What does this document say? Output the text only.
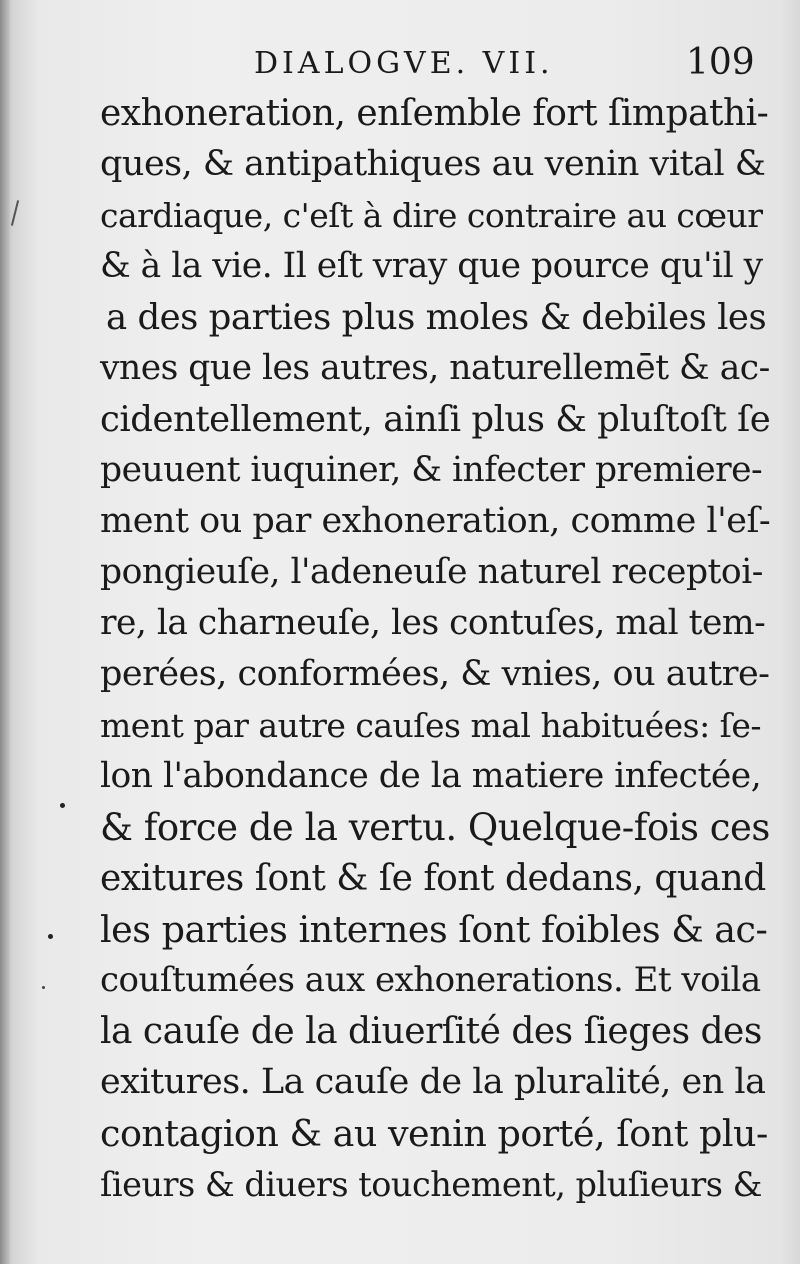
DIALOGVE. VII.	109
exhoneration, enſemble fort ſimpathi-
ques, & antipathiques au venin vital &
cardiaque, c'eſt à dire contraire au cœur
& à la vie. Il eſt vray que pource qu'il y
a des parties plus moles & debiles les
vnes que les autres, naturellemēt & ac-
cidentellement, ainſi plus & pluſtoſt ſe
peuuent iuquiner, & infecter premiere-
ment ou par exhoneration, comme l'eſ-
pongieuſe, l'adeneuſe naturel receptoi-
re, la charneuſe, les contuſes, mal tem-
perées, conformées, & vnies, ou autre-
ment par autre cauſes mal habituées: ſe-
lon l'abondance de la matiere infectée,
& force de la vertu. Quelque-fois ces
exitures ſont & ſe font dedans, quand
les parties internes ſont foibles & ac-
couſtumées aux exhonerations. Et voila
la cauſe de la diuerſité des ſieges des
exitures. La cauſe de la pluralité, en la
contagion & au venin porté, ſont plu-
ſieurs & diuers touchement, pluſieurs &
